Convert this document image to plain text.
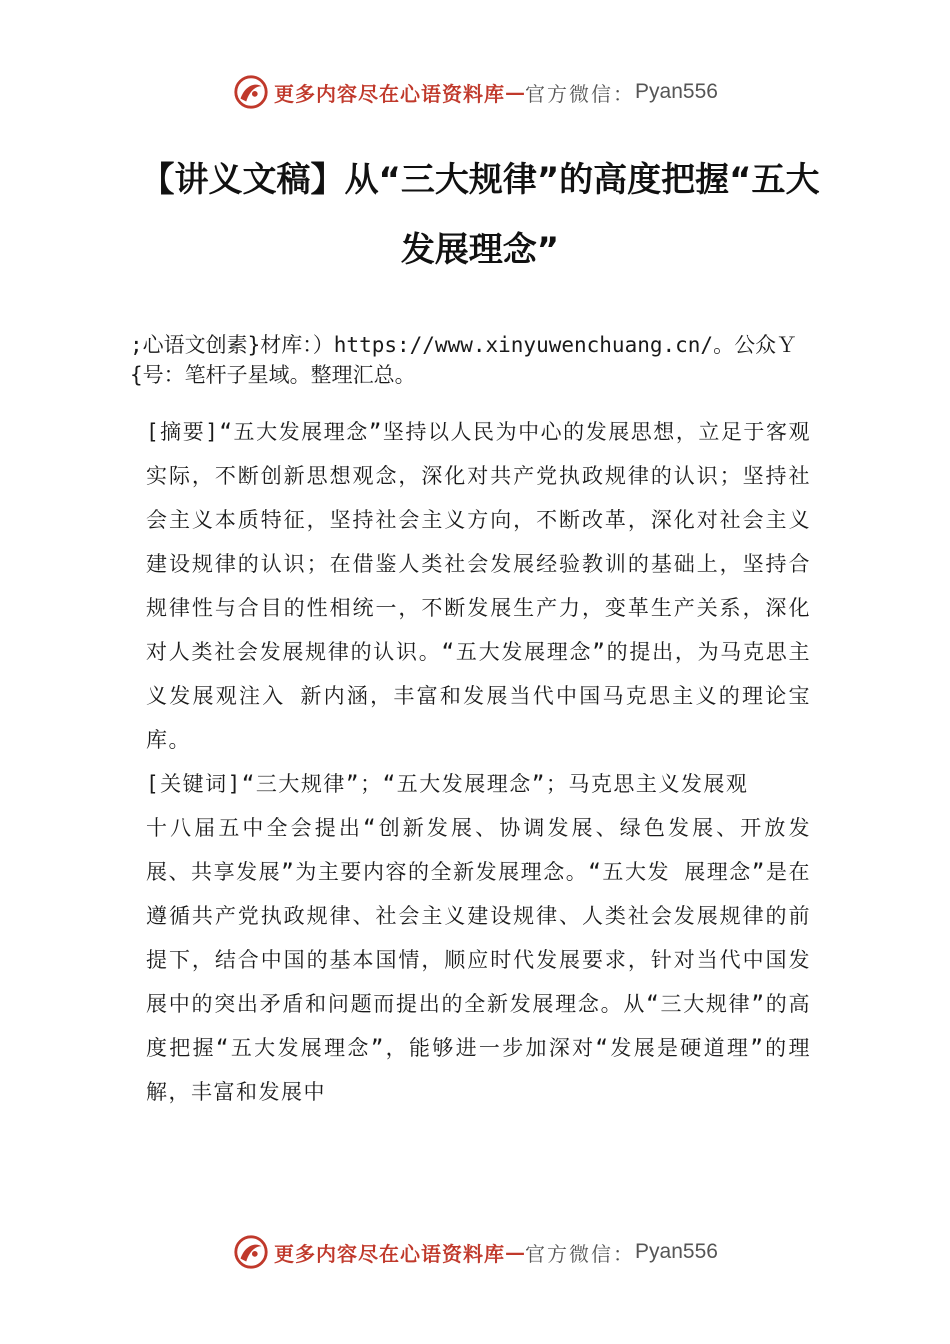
更多内容尽在心语资料库 — 官方微信： Pyan556
【讲义文稿】从“三大规律”的高度把握“五大发展理念”
;心语文创素}材库：）https://www.xinyuwenchuang.cn/。公众Ｙ{号：笔杆子星域。整理汇总。

[摘要]“五大发展理念”坚持以人民为中心的发展思想，立足于客观实际，不断创新思想观念，深化对共产党执政规律的认识；坚持社会主义本质特征，坚持社会主义方向，不断改革，深化对社会主义建设规律的认识；在借鉴人类社会发展经验教训的基础上，坚持合规律性与合目的性相统一，不断发展生产力，变革生产关系，深化对人类社会发展规律的认识。“五大发展理念”的提出，为马克思主义发展观注入 新内涵，丰富和发展当代中国马克思主义的理论宝库。

[关键词]“三大规律”；“五大发展理念”；马克思主义发展观

十八届五中全会提出“创新发展、协调发展、绿色发展、开放发展、共享发展”为主要内容的全新发展理念。“五大发 展理念”是在遵循共产党执政规律、社会主义建设规律、人类社会发展规律的前提下，结合中国的基本国情，顺应时代发展要求，针对当代中国发展中的突出矛盾和问题而提出的全新发展理念。从“三大规律”的高度把握“五大发展理念”，能够进一步加深对“发展是硬道理”的理解，丰富和发展中

更多内容尽在心语资料库 — 官方微信： Pyan556
